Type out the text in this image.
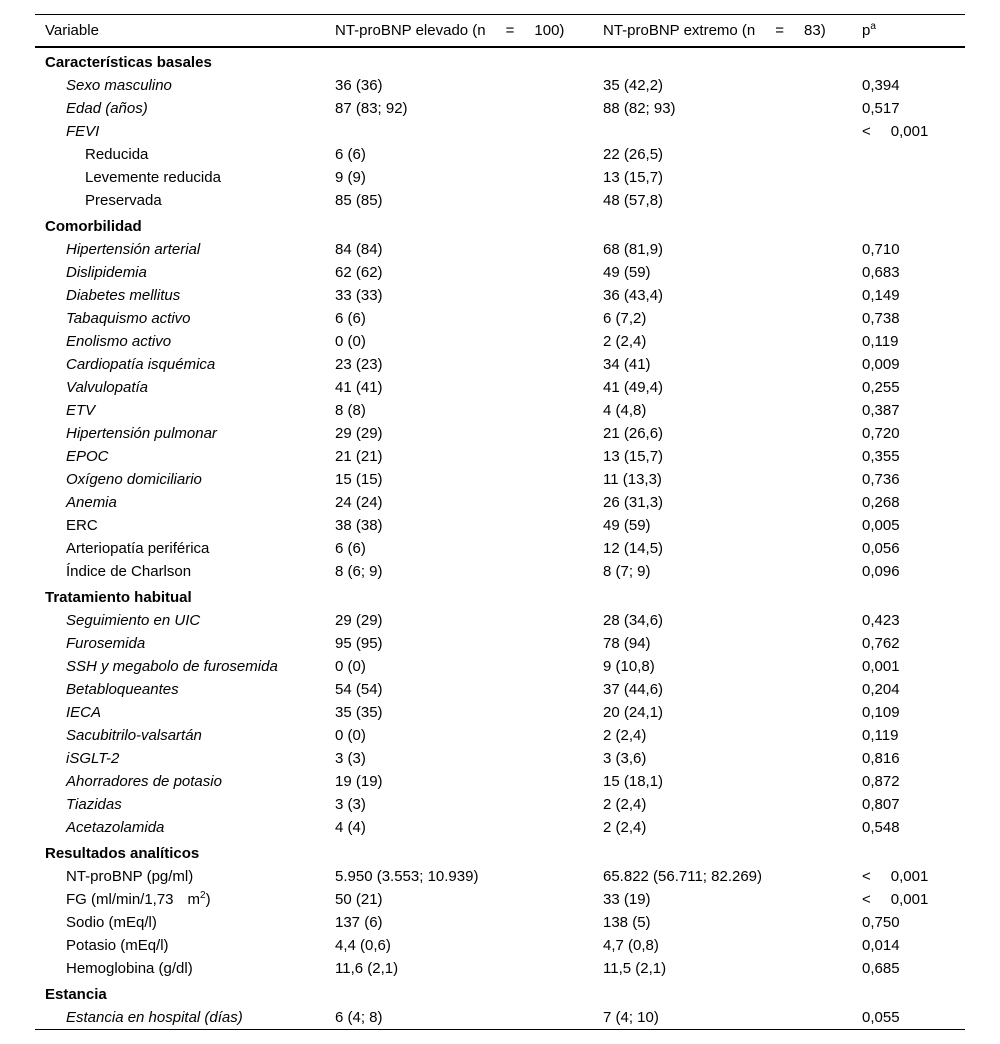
Variable	NT-proBNP elevado (n = 100)	NT-proBNP extremo (n = 83)	$p^a$
Características basales			
Sexo masculino	36 (36)	35 (42,2)	0,394
Edad (años)	87 (83; 92)	88 (82; 93)	0,517
FEVI			< 0,001
Reducida	6 (6)	22 (26,5)	
Levemente reducida	9 (9)	13 (15,7)	
Preservada	85 (85)	48 (57,8)	
Comorbilidad			
Hipertensión arterial	84 (84)	68 (81,9)	0,710
Dislipidemia	62 (62)	49 (59)	0,683
Diabetes mellitus	33 (33)	36 (43,4)	0,149
Tabaquismo activo	6 (6)	6 (7,2)	0,738
Enolismo activo	0 (0)	2 (2,4)	0,119
Cardiopatía isquémica	23 (23)	34 (41)	0,009
Valvulopatía	41 (41)	41 (49,4)	0,255
ETV	8 (8)	4 (4,8)	0,387
Hipertensión pulmonar	29 (29)	21 (26,6)	0,720
EPOC	21 (21)	13 (15,7)	0,355
Oxígeno domiciliario	15 (15)	11 (13,3)	0,736
Anemia	24 (24)	26 (31,3)	0,268
ERC	38 (38)	49 (59)	0,005
Arteriopatía periférica	6 (6)	12 (14,5)	0,056
Índice de Charlson	8 (6; 9)	8 (7; 9)	0,096
Tratamiento habitual			
Seguimiento en UIC	29 (29)	28 (34,6)	0,423
Furosemida	95 (95)	78 (94)	0,762
SSH y megabolo de furosemida	0 (0)	9 (10,8)	0,001
Betabloqueantes	54 (54)	37 (44,6)	0,204
IECA	35 (35)	20 (24,1)	0,109
Sacubitrilo-valsartán	0 (0)	2 (2,4)	0,119
iSGLT-2	3 (3)	3 (3,6)	0,816
Ahorradores de potasio	19 (19)	15 (18,1)	0,872
Tiazidas	3 (3)	2 (2,4)	0,807
Acetazolamida	4 (4)	2 (2,4)	0,548
Resultados analíticos			
NT-proBNP (pg/ml)	5.950 (3.553; 10.939)	65.822 (56.711; 82.269)	< 0,001
FG (ml/min/1,73 $m^2$)	50 (21)	33 (19)	< 0,001
Sodio (mEq/l)	137 (6)	138 (5)	0,750
Potasio (mEq/l)	4,4 (0,6)	4,7 (0,8)	0,014
Hemoglobina (g/dl)	11,6 (2,1)	11,5 (2,1)	0,685
Estancia			
Estancia en hospital (días)	6 (4; 8)	7 (4; 10)	0,055
